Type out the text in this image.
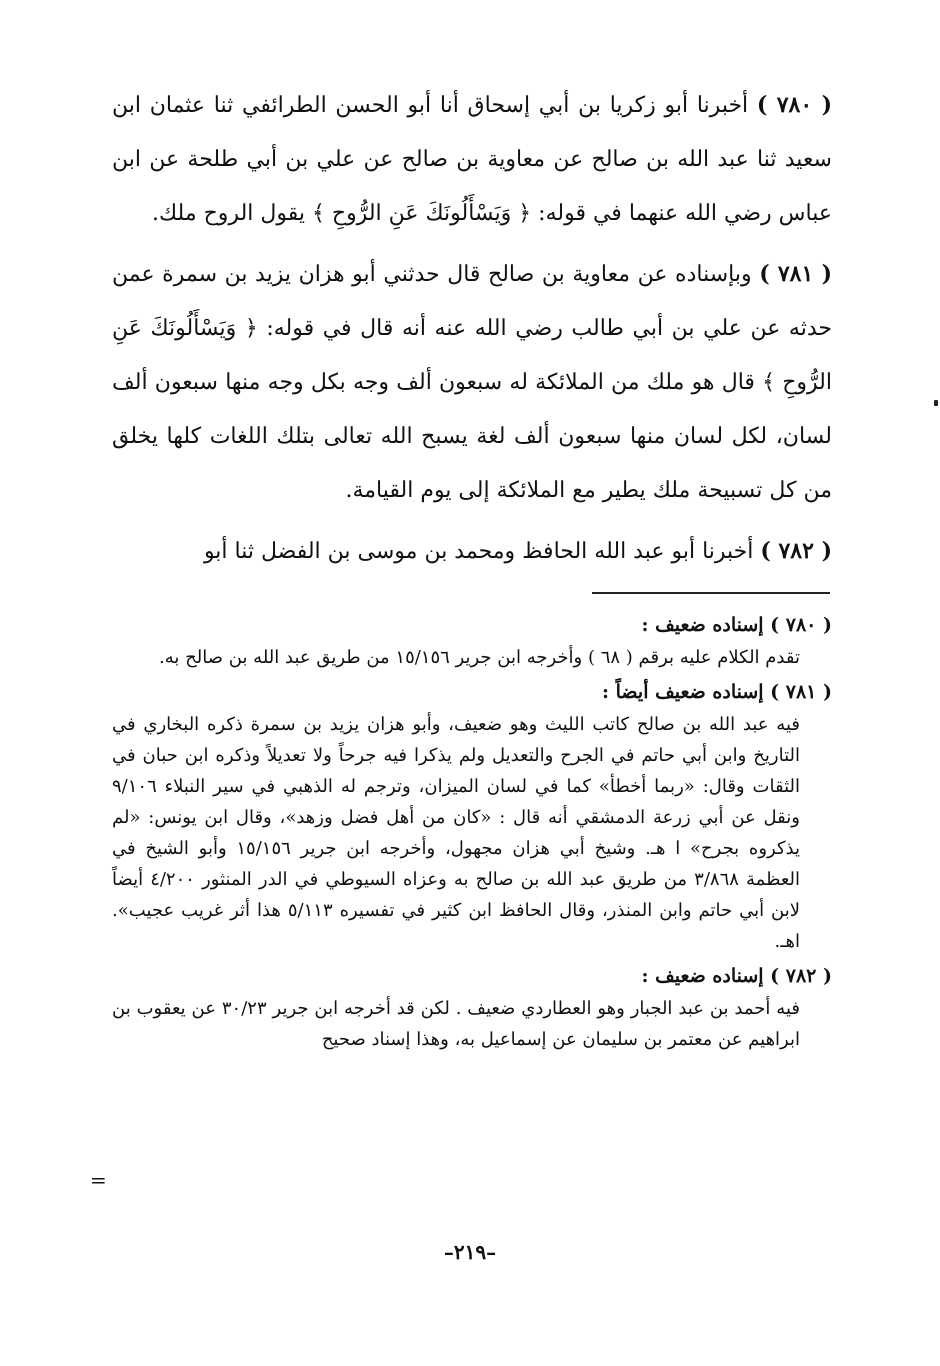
( ٧٨٠ ) أخبرنا أبو زكريا بن أبي إسحاق أنا أبو الحسن الطرائفي ثنا عثمان ابن سعيد ثنا عبد الله بن صالح عن معاوية بن صالح عن علي بن أبي طلحة عن ابن عباس رضي الله عنهما في قوله: ﴿ وَيَسْأَلُونَكَ عَنِ الرُّوحِ ﴾ يقول الروح ملك.

( ٧٨١ ) وبإسناده عن معاوية بن صالح قال حدثني أبو هزان يزيد بن سمرة عمن حدثه عن علي بن أبي طالب رضي الله عنه أنه قال في قوله: ﴿ وَيَسْأَلُونَكَ عَنِ الرُّوحِ ﴾ قال هو ملك من الملائكة له سبعون ألف وجه بكل وجه منها سبعون ألف لسان، لكل لسان منها سبعون ألف لغة يسبح الله تعالى بتلك اللغات كلها يخلق من كل تسبيحة ملك يطير مع الملائكة إلى يوم القيامة.

( ٧٨٢ ) أخبرنا أبو عبد الله الحافظ ومحمد بن موسى بن الفضل ثنا أبو

( ٧٨٠ ) إسناده ضعيف :
تقدم الكلام عليه برقم ( ٦٨ ) وأخرجه ابن جرير ١٥/١٥٦ من طريق عبد الله بن صالح به.
( ٧٨١ ) إسناده ضعيف أيضاً :
فيه عبد الله بن صالح كاتب الليث وهو ضعيف، وأبو هزان يزيد بن سمرة ذكره البخاري في التاريخ وابن أبي حاتم في الجرح والتعديل ولم يذكرا فيه جرحاً ولا تعديلاً وذكره ابن حبان في الثقات وقال: «ربما أخطأ» كما في لسان الميزان، وترجم له الذهبي في سير النبلاء ٩/١٠٦ ونقل عن أبي زرعة الدمشقي أنه قال : «كان من أهل فضل وزهد»، وقال ابن يونس: «لم يذكروه بجرح» ا هـ. وشيخ أبي هزان مجهول، وأخرجه ابن جرير ١٥/١٥٦ وأبو الشيخ في العظمة ٣/٨٦٨ من طريق عبد الله بن صالح به وعزاه السيوطي في الدر المنثور ٤/٢٠٠ أيضاً لابن أبي حاتم وابن المنذر، وقال الحافظ ابن كثير في تفسيره ٥/١١٣ هذا أثر غريب عجيب». اهـ.
( ٧٨٢ ) إسناده ضعيف :
فيه أحمد بن عبد الجبار وهو العطاردي ضعيف . لكن قد أخرجه ابن جرير ٣٠/٢٣ عن يعقوب بن ابراهيم عن معتمر بن سليمان عن إسماعيل به، وهذا إسناد صحيح
=
–٢١٩–
